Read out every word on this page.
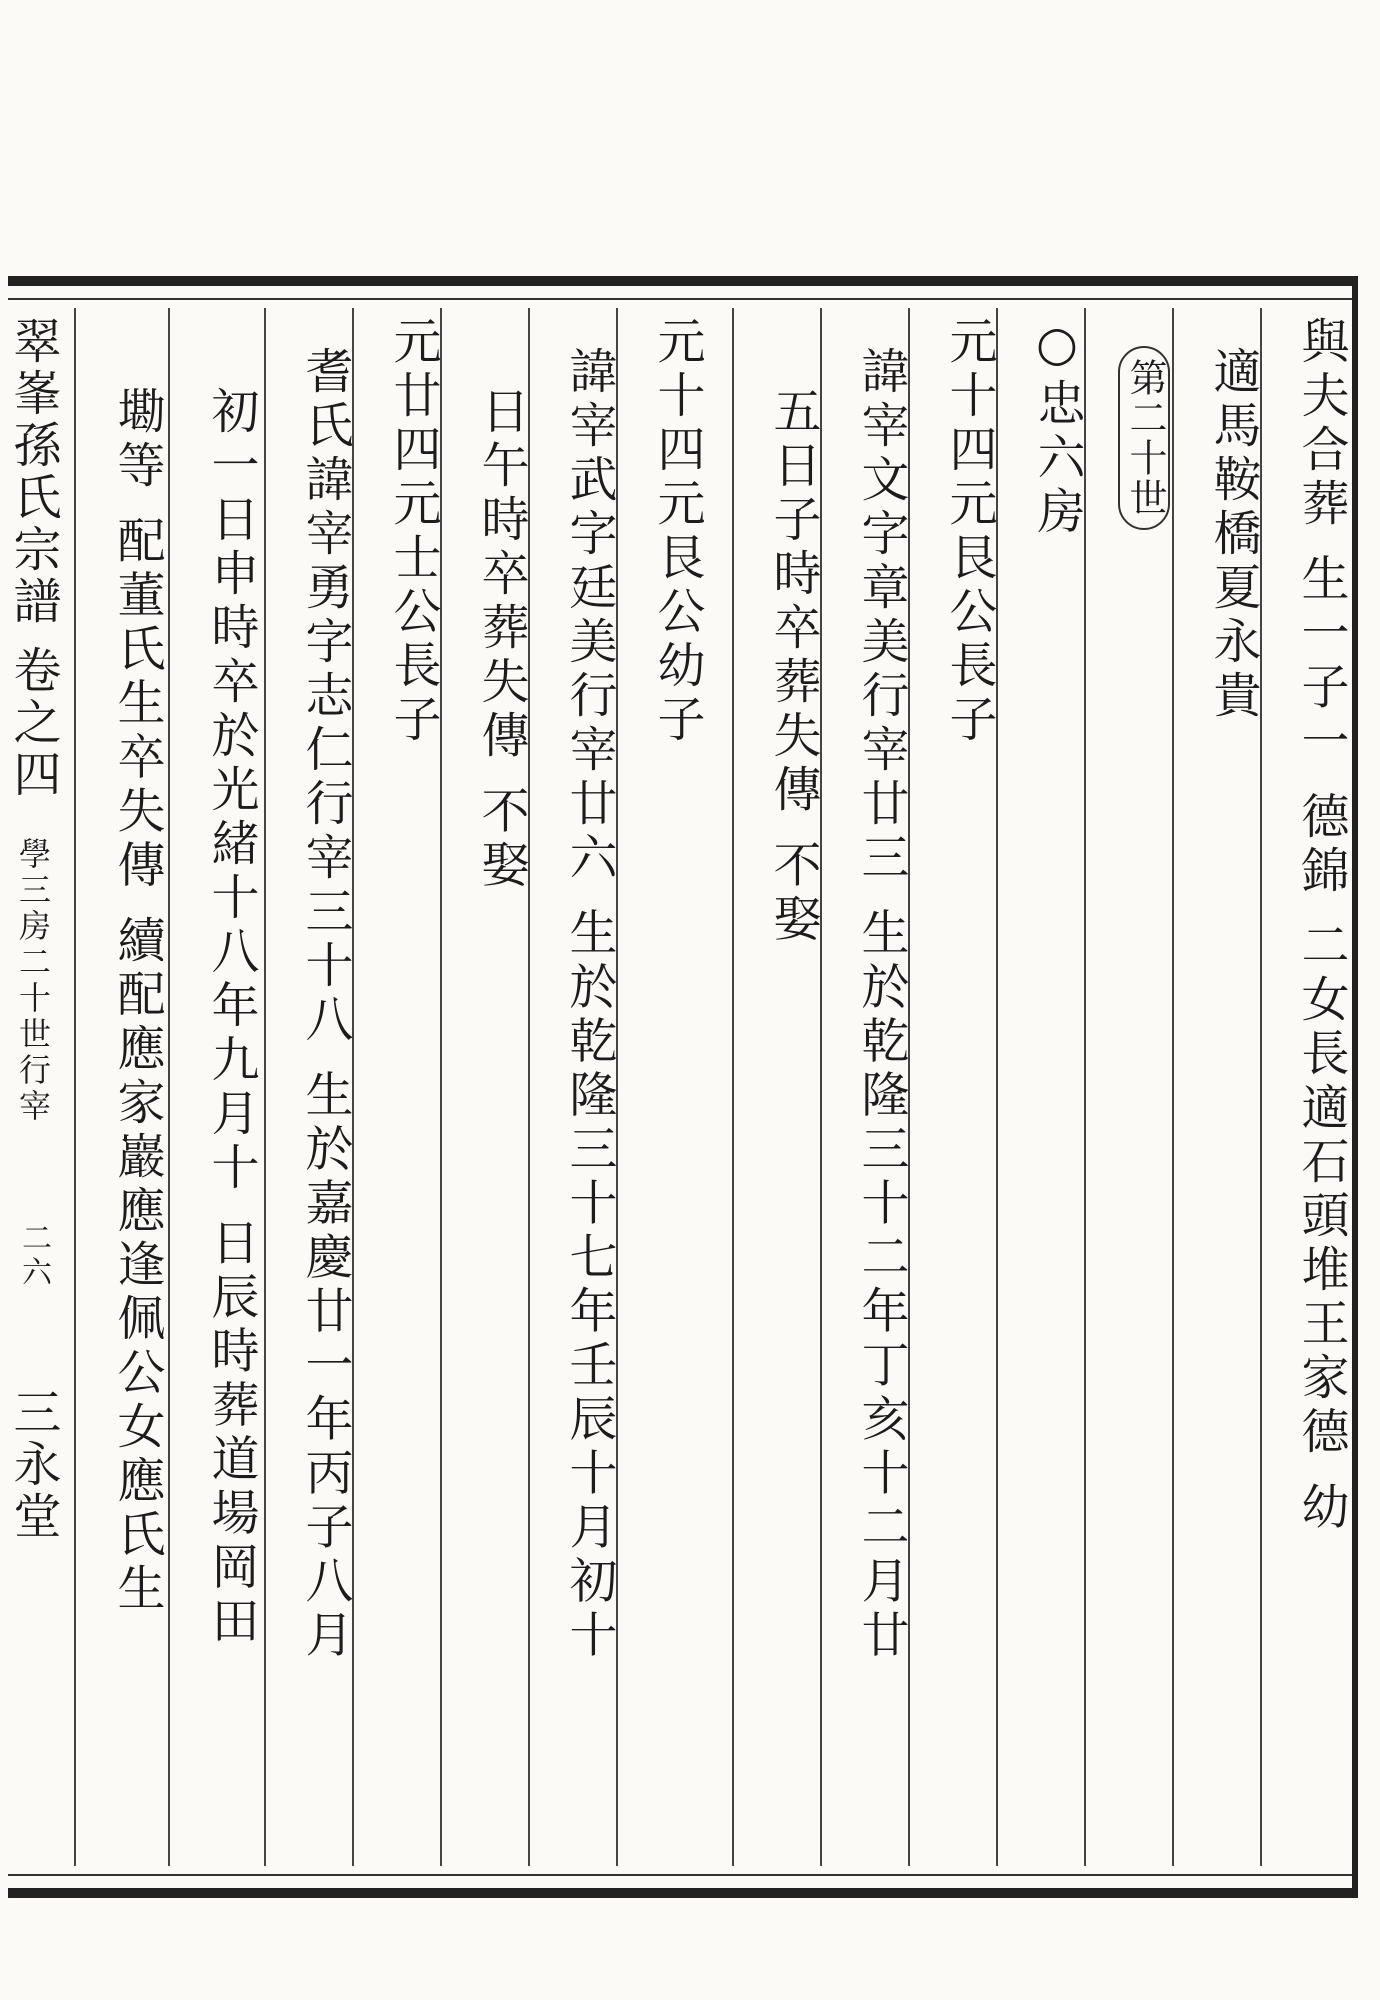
翠峯孫氏宗譜 卷之四 學三房二十世行宰 二六 三永堂	與夫合葬 生一子一 德錦 二女長適石頭堆王家德 幼
適馬鞍橋夏永貴
第二十世
○忠六房
元十四元艮公長子
諱宰文字章美行宰廿三 生於乾隆三十二年丁亥十二月廿
五日子時卒葬失傳 不娶
元十四元艮公幼子
諱宰武字廷美行宰廿六 生於乾隆三十七年壬辰十月初十
日午時卒葬失傳 不娶
元廿四元士公長子
耆氏諱宰勇字志仁行宰三十八 生於嘉慶廿一年丙子八月
初一日申時卒於光緒十八年九月十 日辰時葬道場岡田
墈等 配董氏生卒失傳 續配應家巖應逢佩公女應氏生
